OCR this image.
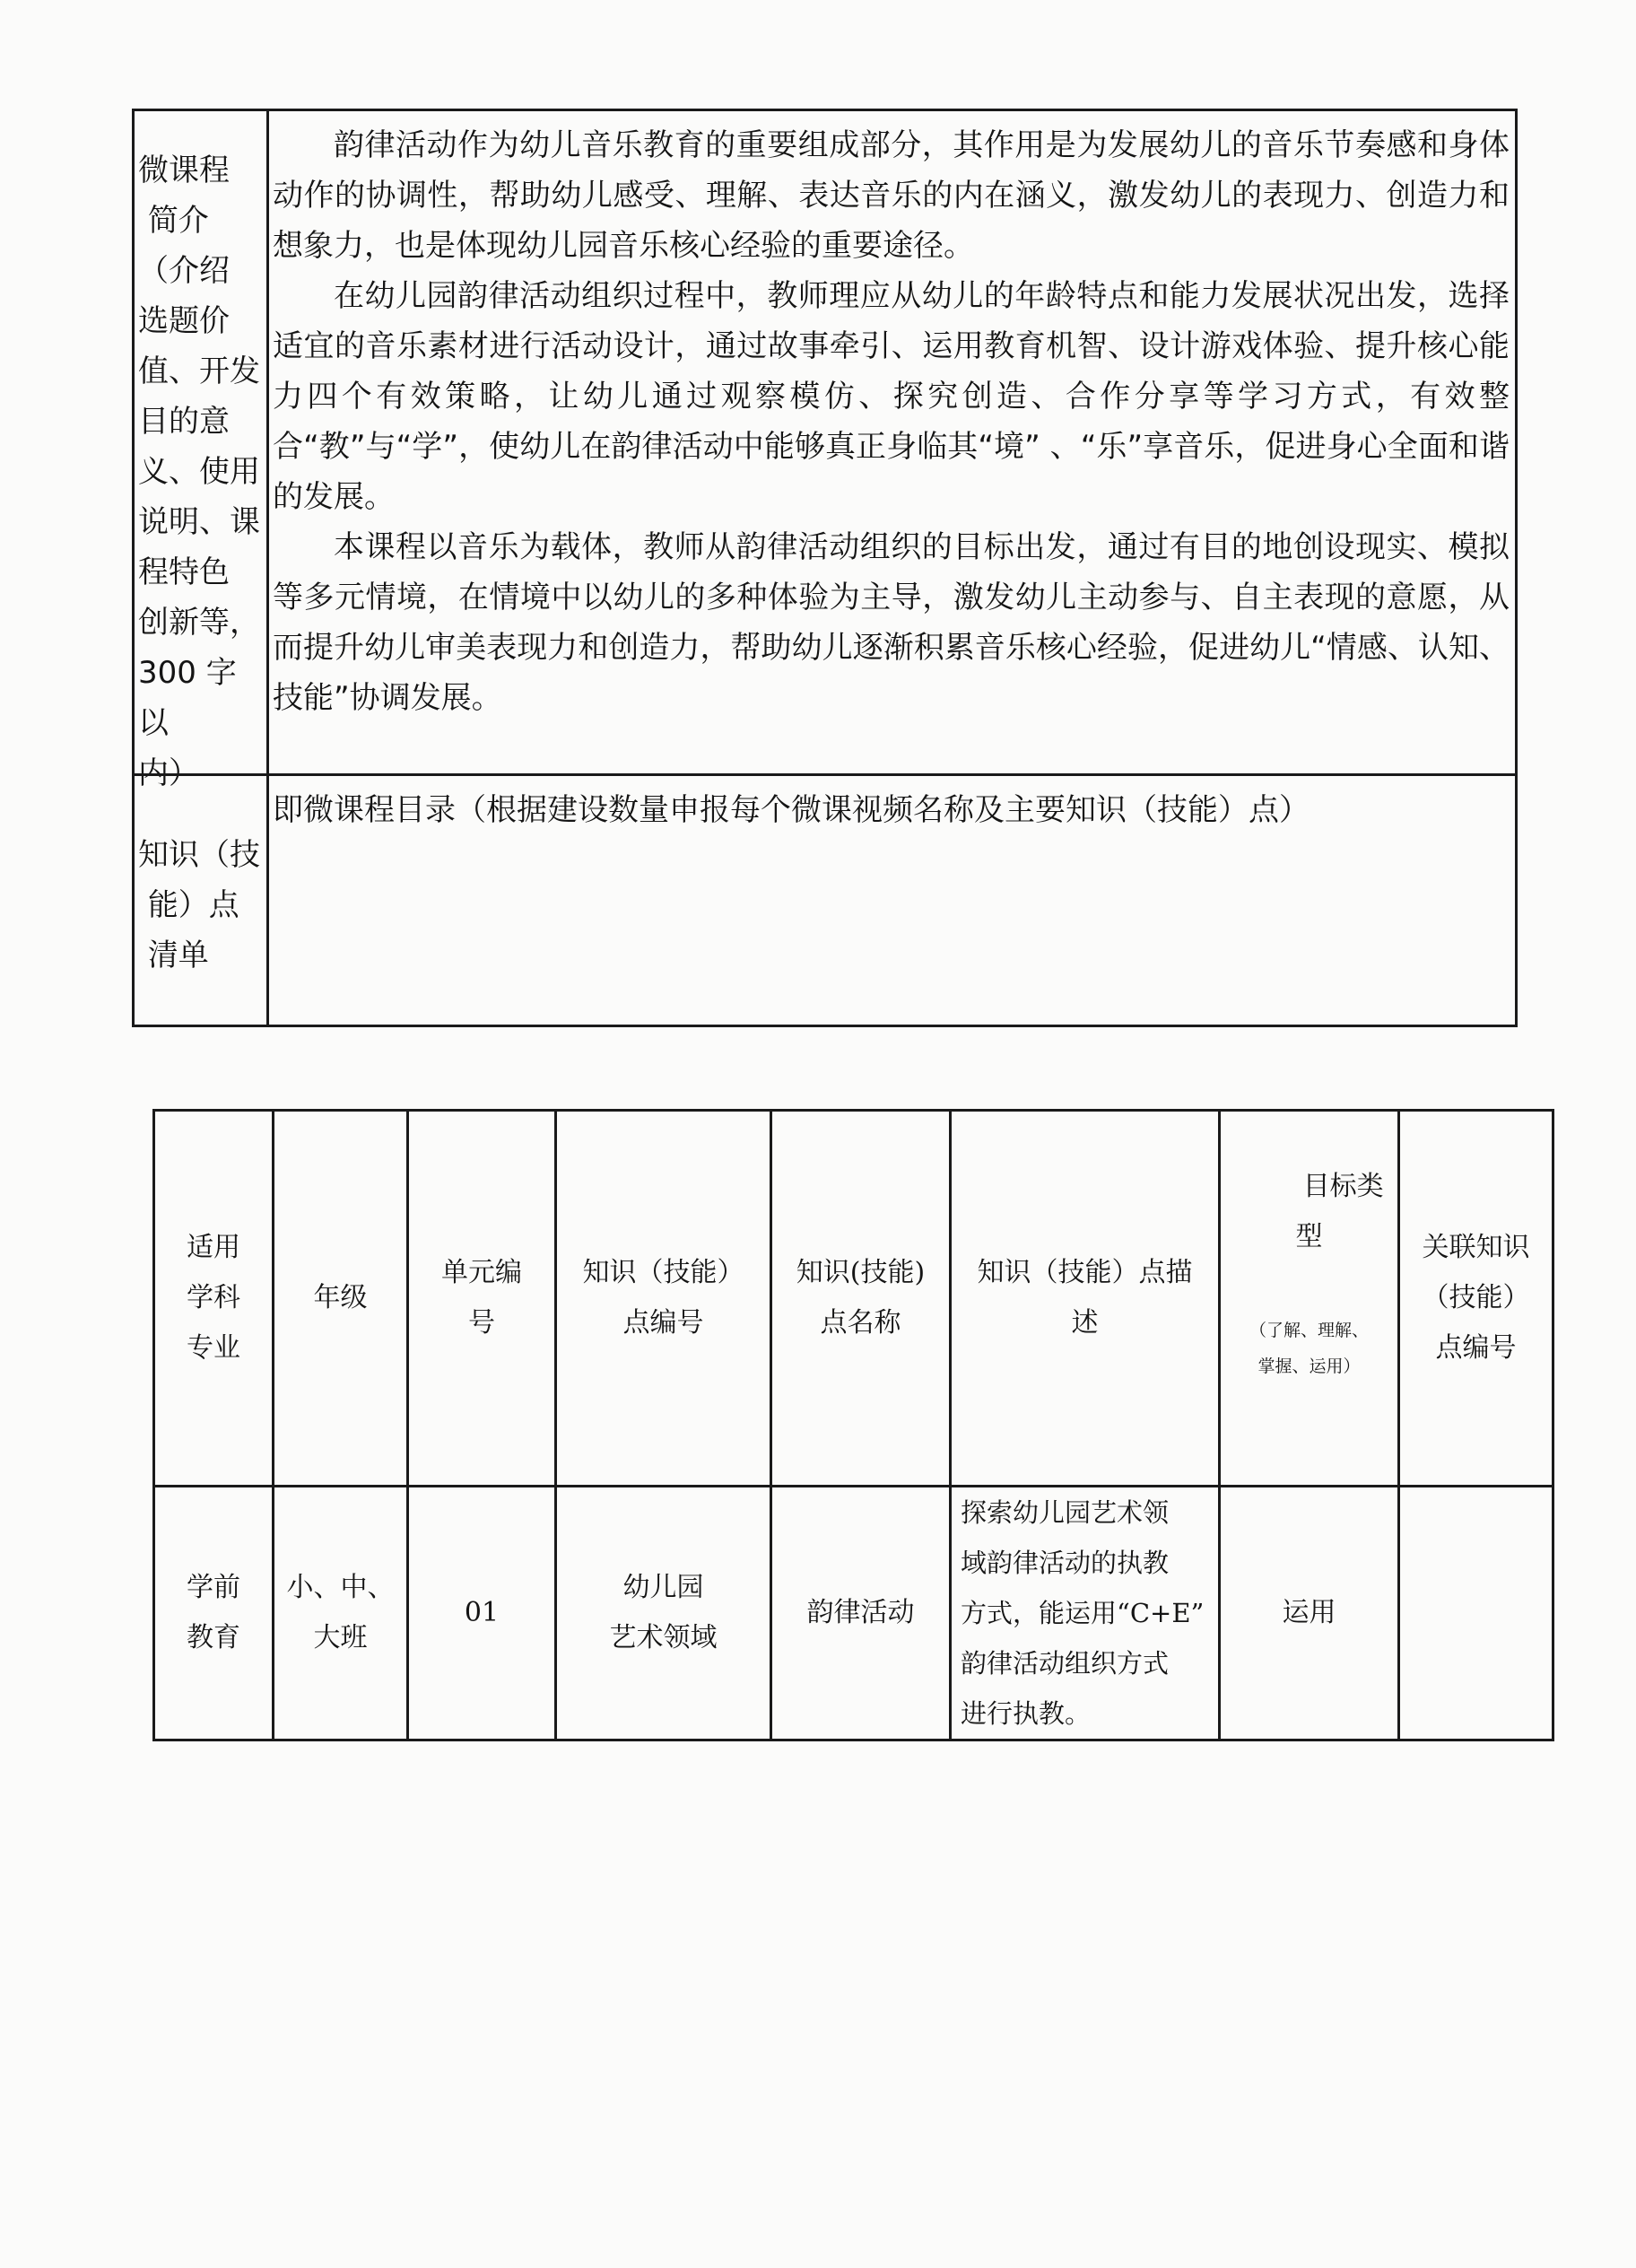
微课程
简介
（介绍
选题价
值、开发
目的意
义、使用
说明、课
程特色
创新等，
300 字以
内）

韵律活动作为幼儿音乐教育的重要组成部分，其作用是为发展幼儿的音乐节奏感和身体动作的协调性，帮助幼儿感受、理解、表达音乐的内在涵义，激发幼儿的表现力、创造力和想象力，也是体现幼儿园音乐核心经验的重要途径。

在幼儿园韵律活动组织过程中，教师理应从幼儿的年龄特点和能力发展状况出发，选择适宜的音乐素材进行活动设计，通过故事牵引、运用教育机智、设计游戏体验、提升核心能力四个有效策略，让幼儿通过观察模仿、探究创造、合作分享等学习方式，有效整合“教”与“学”，使幼儿在韵律活动中能够真正身临其“境” 、“乐”享音乐，促进身心全面和谐的发展。

本课程以音乐为载体，教师从韵律活动组织的目标出发，通过有目的地创设现实、模拟等多元情境，在情境中以幼儿的多种体验为主导，激发幼儿主动参与、自主表现的意愿，从而提升幼儿审美表现力和创造力，帮助幼儿逐渐积累音乐核心经验，促进幼儿“情感、认知、技能”协调发展。

知识（技
能）点
清单

即微课程目录（根据建设数量申报每个微课视频名称及主要知识（技能）点）

适用
学科
专业	年级	单元编
号	知识（技能）
点编号	知识(技能)
点名称	知识（技能）点描
述	目标类型

（了解、理解、
掌握、运用）	关联知识
（技能）
点编号
学前
教育	小、中、
大班	01	幼儿园
艺术领域	韵律活动	探索幼儿园艺术领
域韵律活动的执教
方式，能运用“C+E”
韵律活动组织方式
进行执教。	运用	
